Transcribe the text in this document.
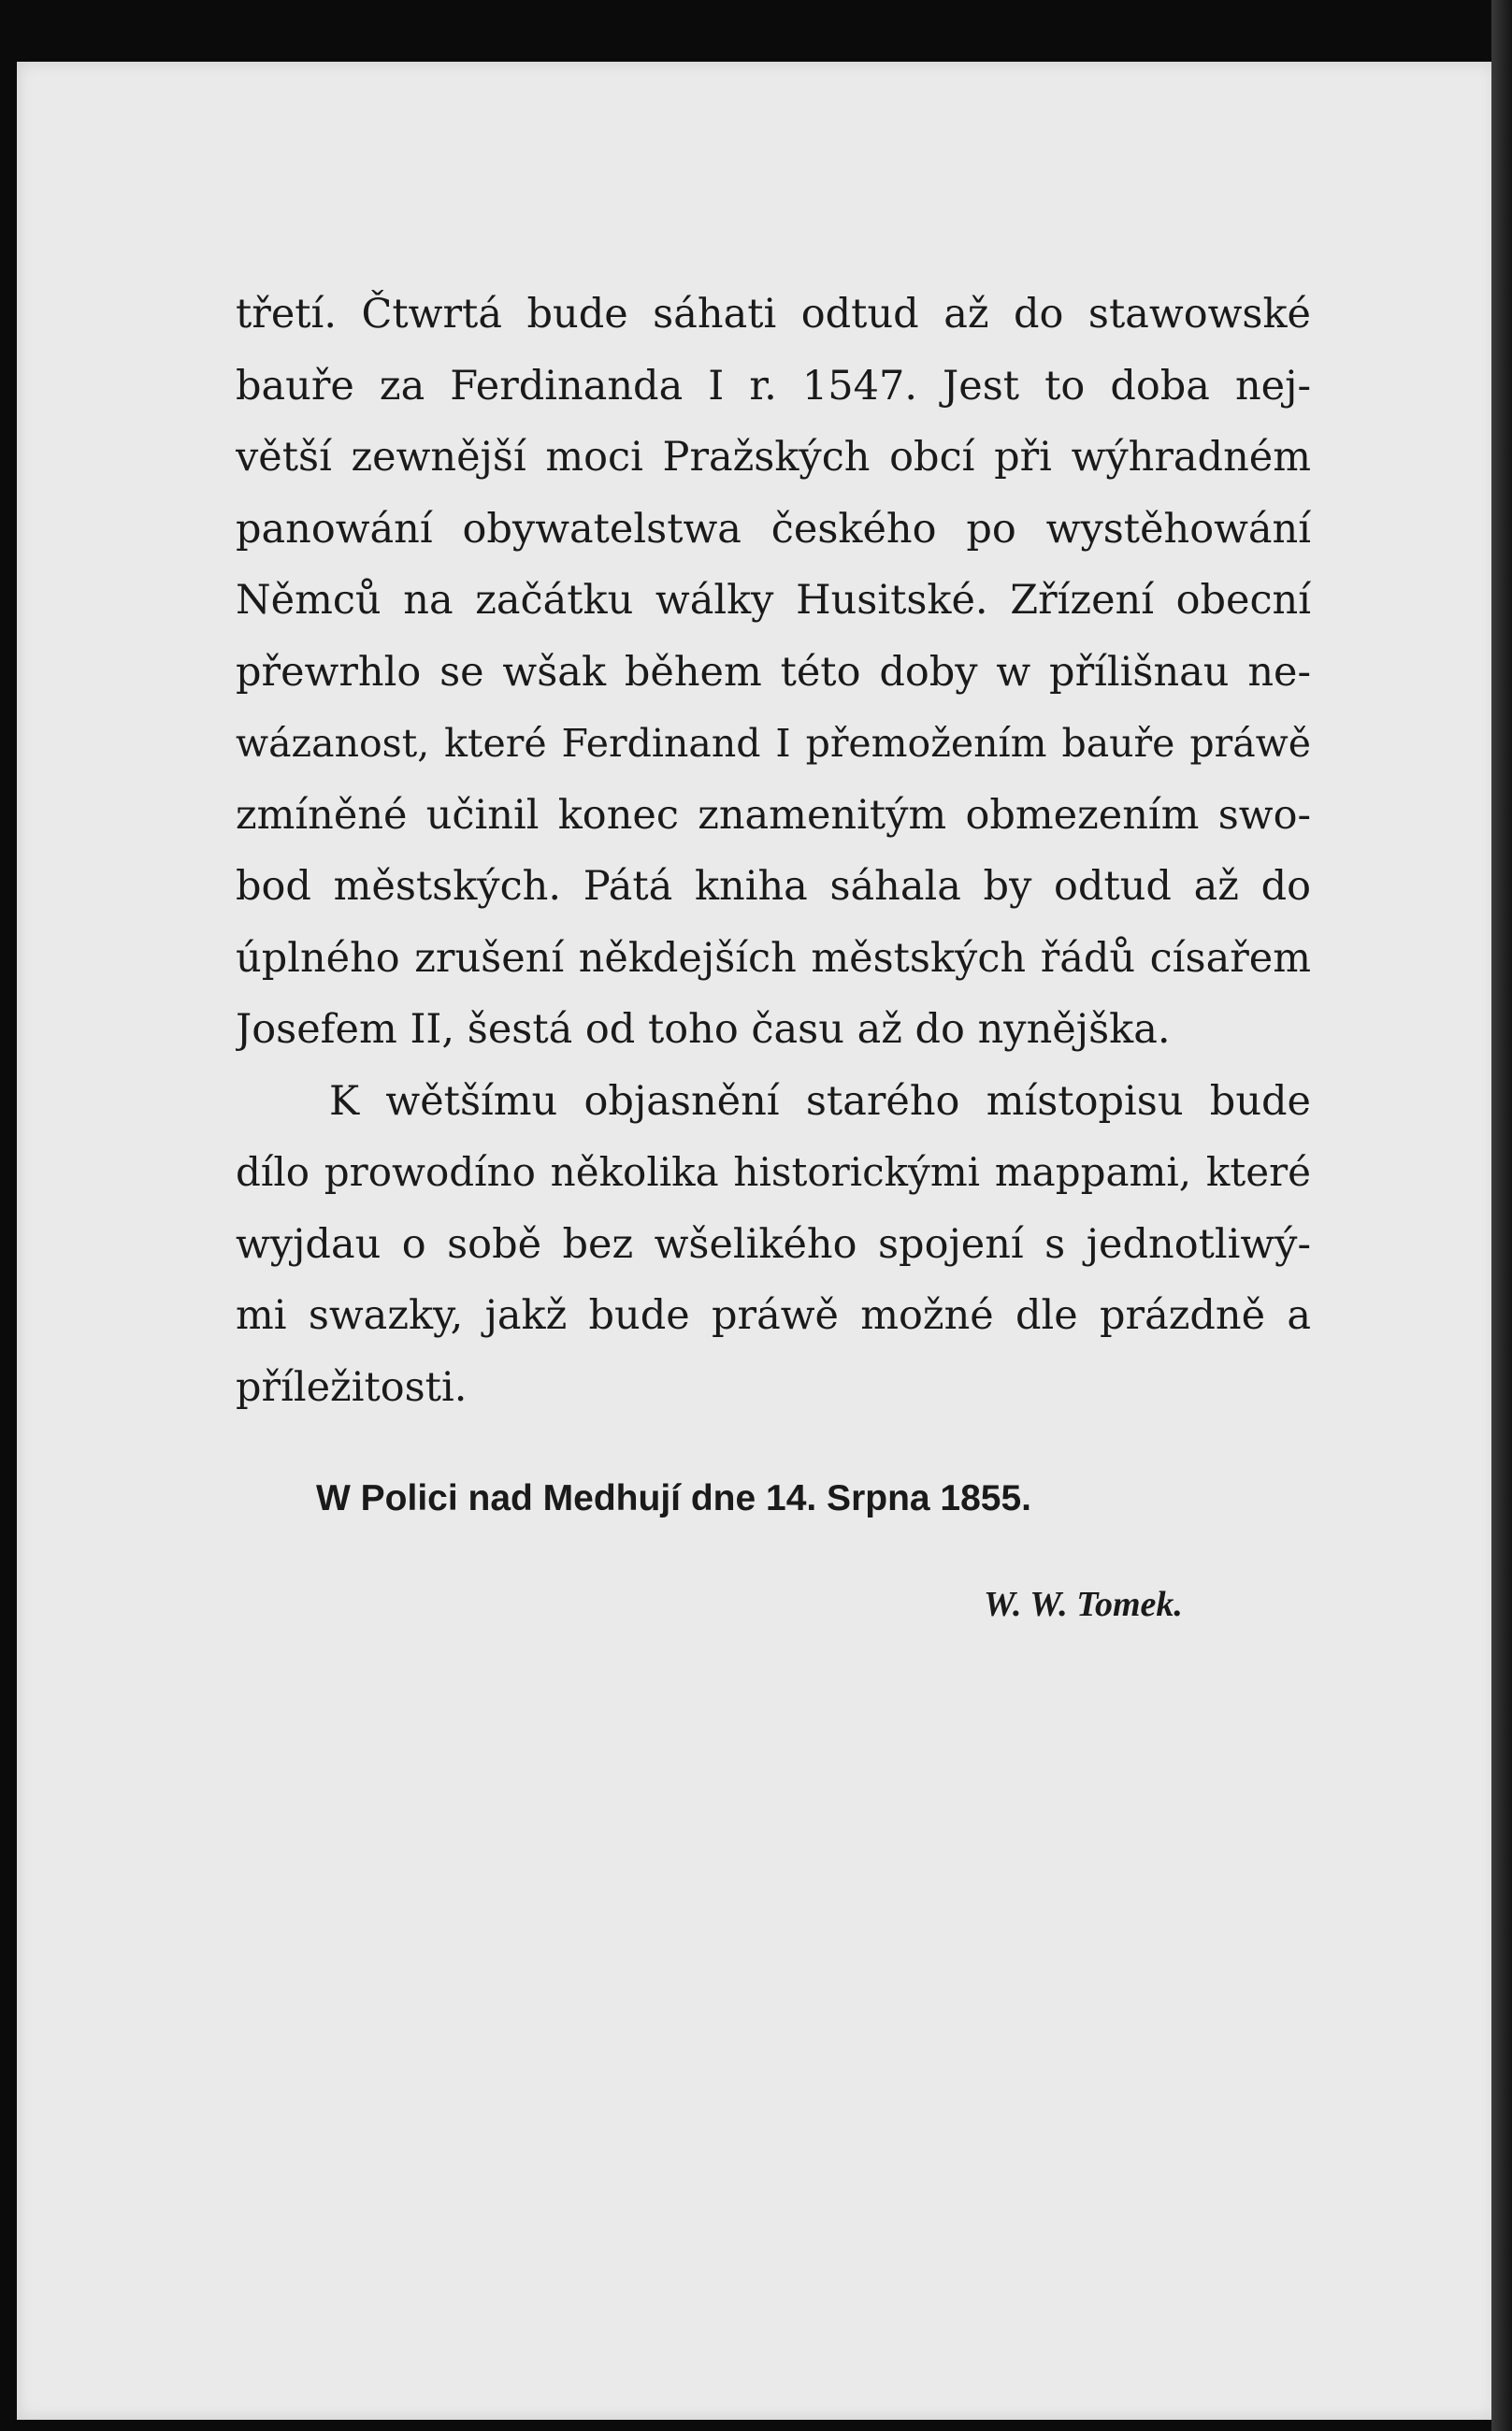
třetí. Čtwrtá bude sáhati odtud až do stawowské
bauře za Ferdinanda I r. 1547. Jest to doba nej-
větší zewnější moci Pražských obcí při wýhradném
panowání obywatelstwa českého po wystěhowání
Němců na začátku wálky Husitské. Zřízení obecní
přewrhlo se wšak během této doby w přílišnau ne-
wázanost, které Ferdinand I přemožením bauře práwě
zmíněné učinil konec znamenitým obmezením swo-
bod městských. Pátá kniha sáhala by odtud až do
úplného zrušení někdejších městských řádů císařem
Josefem II, šestá od toho času až do nynějška.
K wětšímu objasnění starého místopisu bude
dílo prowodíno několika historickými mappami, které
wyjdau o sobě bez wšelikého spojení s jednotliwý-
mi swazky, jakž bude práwě možné dle prázdně a
příležitosti.
W Polici nad Medhují dne 14. Srpna 1855.
W. W. Tomek.
